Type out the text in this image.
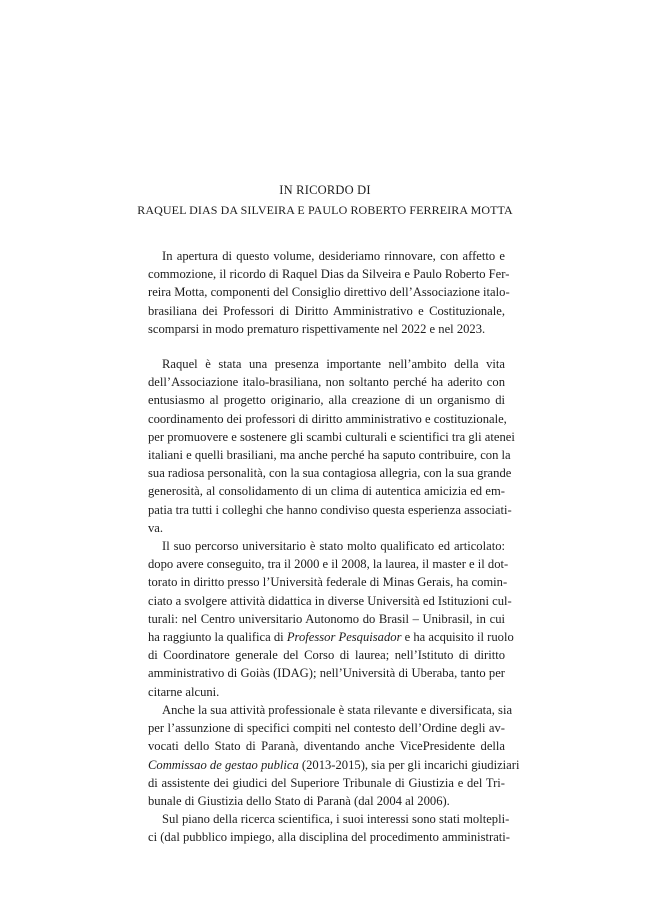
IN RICORDO DI
RAQUEL DIAS DA SILVEIRA E PAULO ROBERTO FERREIRA MOTTA
In apertura di questo volume, desideriamo rinnovare, con affetto e
commozione, il ricordo di Raquel Dias da Silveira e Paulo Roberto Fer-
reira Motta, componenti del Consiglio direttivo dell’Associazione italo-
brasiliana dei Professori di Diritto Amministrativo e Costituzionale,
scomparsi in modo prematuro rispettivamente nel 2022 e nel 2023.
Raquel è stata una presenza importante nell’ambito della vita
dell’Associazione italo-brasiliana, non soltanto perché ha aderito con
entusiasmo al progetto originario, alla creazione di un organismo di
coordinamento dei professori di diritto amministrativo e costituzionale,
per promuovere e sostenere gli scambi culturali e scientifici tra gli atenei
italiani e quelli brasiliani, ma anche perché ha saputo contribuire, con la
sua radiosa personalità, con la sua contagiosa allegria, con la sua grande
generosità, al consolidamento di un clima di autentica amicizia ed em-
patia tra tutti i colleghi che hanno condiviso questa esperienza associati-
va.
Il suo percorso universitario è stato molto qualificato ed articolato:
dopo avere conseguito, tra il 2000 e il 2008, la laurea, il master e il dot-
torato in diritto presso l’Università federale di Minas Gerais, ha comin-
ciato a svolgere attività didattica in diverse Università ed Istituzioni cul-
turali: nel Centro universitario Autonomo do Brasil – Unibrasil, in cui
ha raggiunto la qualifica di Professor Pesquisador e ha acquisito il ruolo
di Coordinatore generale del Corso di laurea; nell’Istituto di diritto
amministrativo di Goiàs (IDAG); nell’Università di Uberaba, tanto per
citarne alcuni.
Anche la sua attività professionale è stata rilevante e diversificata, sia
per l’assunzione di specifici compiti nel contesto dell’Ordine degli av-
vocati dello Stato di Paranà, diventando anche VicePresidente della
Commissao de gestao publica (2013-2015), sia per gli incarichi giudiziari
di assistente dei giudici del Superiore Tribunale di Giustizia e del Tri-
bunale di Giustizia dello Stato di Paranà (dal 2004 al 2006).
Sul piano della ricerca scientifica, i suoi interessi sono stati moltepli-
ci (dal pubblico impiego, alla disciplina del procedimento amministrati-
